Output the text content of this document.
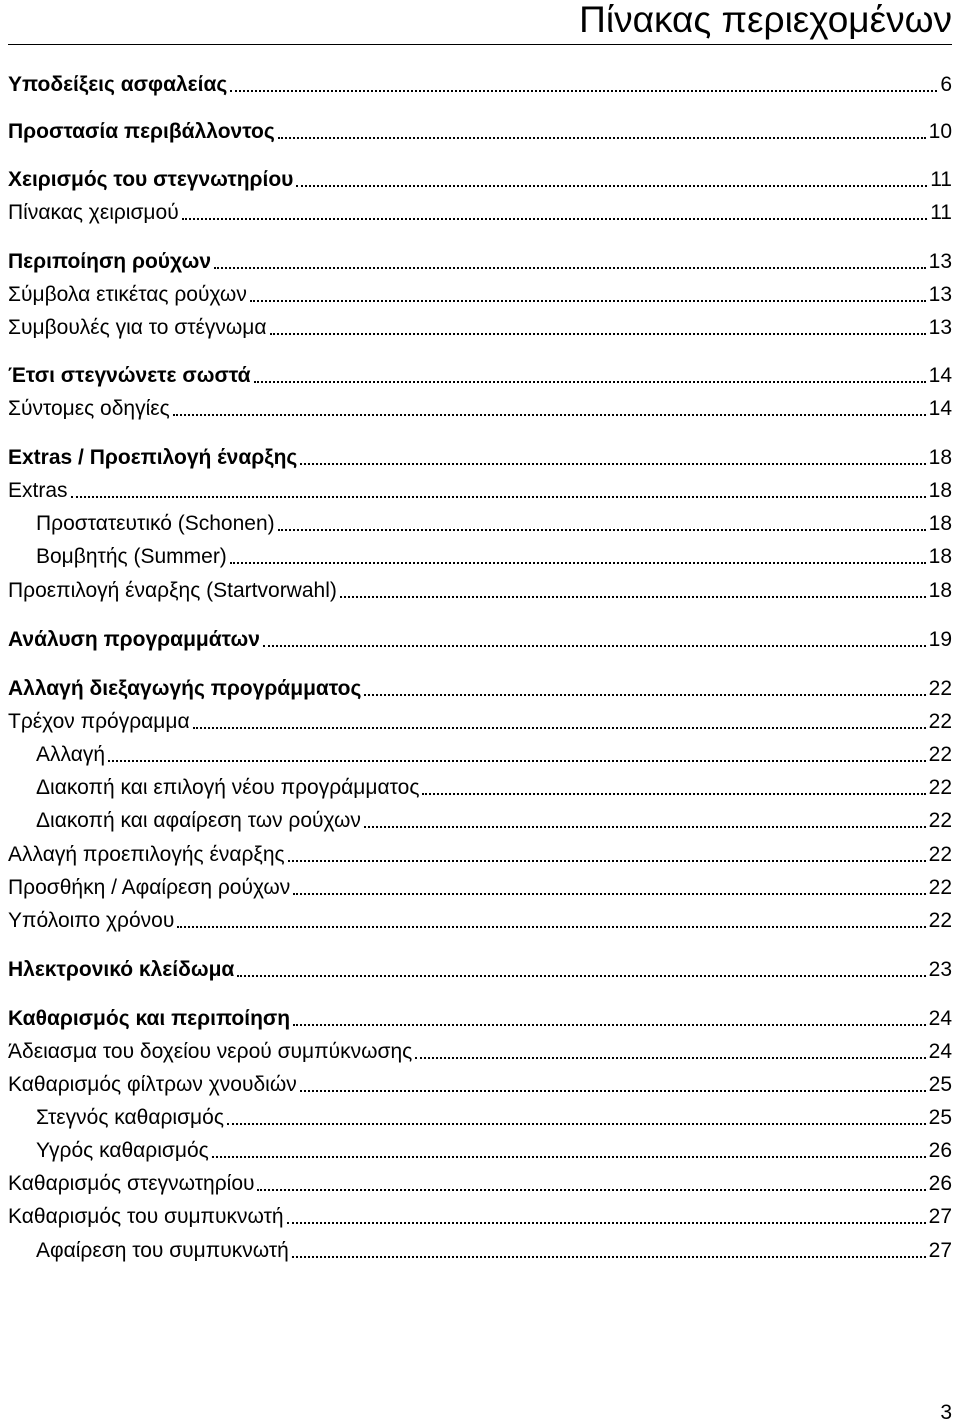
Πίνακας περιεχομένων
Υποδείξεις ασφαλείας	6
Προστασία περιβάλλοντος	10
Χειρισμός του στεγνωτηρίου	11
Πίνακας χειρισμού	11
Περιποίηση ρούχων	13
Σύμβολα ετικέτας ρούχων	13
Συμβουλές για το στέγνωμα	13
Έτσι στεγνώνετε σωστά	14
Σύντομες οδηγίες	14
Extras / Προεπιλογή έναρξης	18
Extras	18
Προστατευτικό (Schonen)	18
Βομβητής (Summer)	18
Προεπιλογή έναρξης (Startvorwahl)	18
Ανάλυση προγραμμάτων	19
Αλλαγή διεξαγωγής προγράμματος	22
Τρέχον πρόγραμμα	22
Αλλαγή	22
Διακοπή και επιλογή νέου προγράμματος	22
Διακοπή και αφαίρεση των ρούχων	22
Αλλαγή προεπιλογής έναρξης	22
Προσθήκη / Αφαίρεση ρούχων	22
Υπόλοιπο χρόνου	22
Ηλεκτρονικό κλείδωμα	23
Καθαρισμός και περιποίηση	24
Άδειασμα του δοχείου νερού συμπύκνωσης	24
Καθαρισμός φίλτρων χνουδιών	25
Στεγνός καθαρισμός	25
Υγρός καθαρισμός	26
Καθαρισμός στεγνωτηρίου	26
Καθαρισμός του συμπυκνωτή	27
Αφαίρεση του συμπυκνωτή	27
3
